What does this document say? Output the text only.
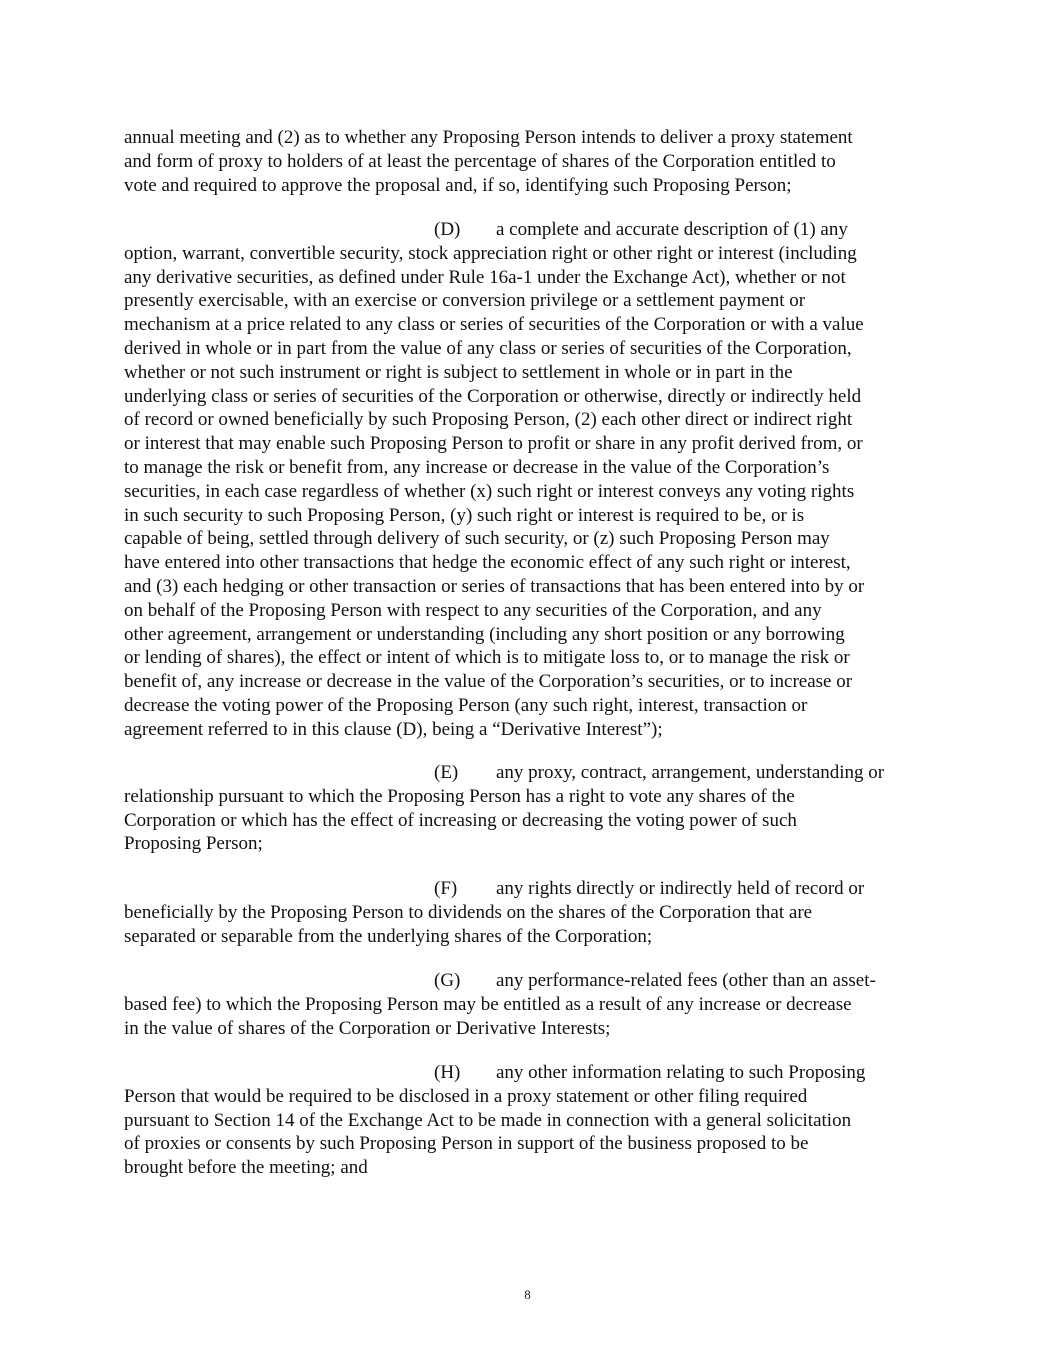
annual meeting and (2) as to whether any Proposing Person intends to deliver a proxy statement
and form of proxy to holders of at least the percentage of shares of the Corporation entitled to
vote and required to approve the proposal and, if so, identifying such Proposing Person;
(D) a complete and accurate description of (1) any
option, warrant, convertible security, stock appreciation right or other right or interest (including
any derivative securities, as defined under Rule 16a-1 under the Exchange Act), whether or not
presently exercisable, with an exercise or conversion privilege or a settlement payment or
mechanism at a price related to any class or series of securities of the Corporation or with a value
derived in whole or in part from the value of any class or series of securities of the Corporation,
whether or not such instrument or right is subject to settlement in whole or in part in the
underlying class or series of securities of the Corporation or otherwise, directly or indirectly held
of record or owned beneficially by such Proposing Person, (2) each other direct or indirect right
or interest that may enable such Proposing Person to profit or share in any profit derived from, or
to manage the risk or benefit from, any increase or decrease in the value of the Corporation’s
securities, in each case regardless of whether (x) such right or interest conveys any voting rights
in such security to such Proposing Person, (y) such right or interest is required to be, or is
capable of being, settled through delivery of such security, or (z) such Proposing Person may
have entered into other transactions that hedge the economic effect of any such right or interest,
and (3) each hedging or other transaction or series of transactions that has been entered into by or
on behalf of the Proposing Person with respect to any securities of the Corporation, and any
other agreement, arrangement or understanding (including any short position or any borrowing
or lending of shares), the effect or intent of which is to mitigate loss to, or to manage the risk or
benefit of, any increase or decrease in the value of the Corporation’s securities, or to increase or
decrease the voting power of the Proposing Person (any such right, interest, transaction or
agreement referred to in this clause (D), being a “Derivative Interest”);
(E) any proxy, contract, arrangement, understanding or
relationship pursuant to which the Proposing Person has a right to vote any shares of the
Corporation or which has the effect of increasing or decreasing the voting power of such
Proposing Person;
(F) any rights directly or indirectly held of record or
beneficially by the Proposing Person to dividends on the shares of the Corporation that are
separated or separable from the underlying shares of the Corporation;
(G) any performance-related fees (other than an asset-
based fee) to which the Proposing Person may be entitled as a result of any increase or decrease
in the value of shares of the Corporation or Derivative Interests;
(H) any other information relating to such Proposing
Person that would be required to be disclosed in a proxy statement or other filing required
pursuant to Section 14 of the Exchange Act to be made in connection with a general solicitation
of proxies or consents by such Proposing Person in support of the business proposed to be
brought before the meeting; and
8
